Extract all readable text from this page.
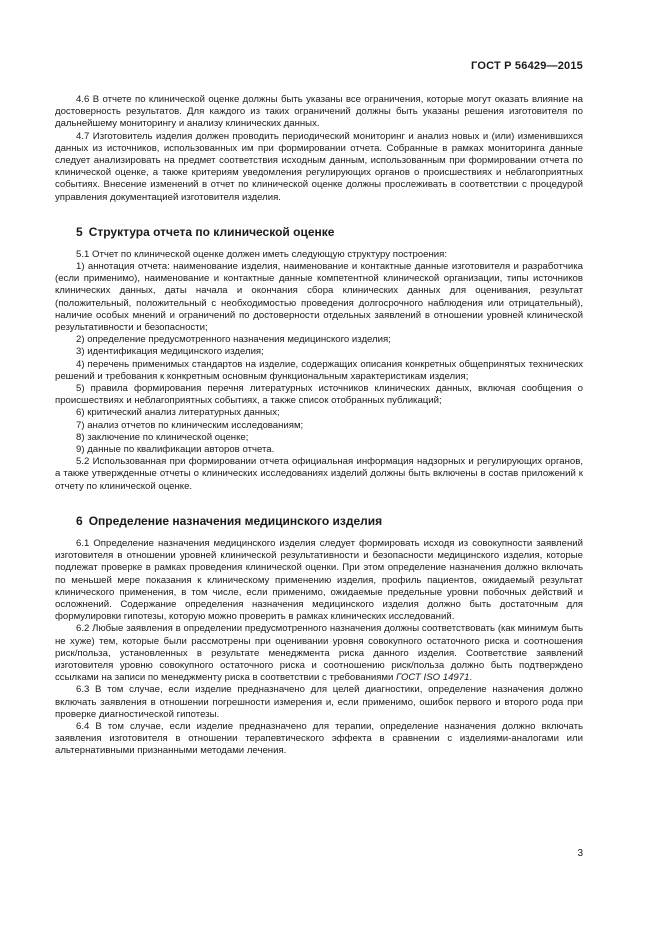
ГОСТ Р 56429—2015

4.6 В отчете по клинической оценке должны быть указаны все ограничения, которые могут оказать влияние на достоверность результатов. Для каждого из таких ограничений должны быть указаны решения изготовителя по дальнейшему мониторингу и анализу клинических данных.

4.7 Изготовитель изделия должен проводить периодический мониторинг и анализ новых и (или) изменившихся данных из источников, использованных им при формировании отчета. Собранные в рамках мониторинга данные следует анализировать на предмет соответствия исходным данным, использованным при формировании отчета по клинической оценке, а также критериям уведомления регулирующих органов о происшествиях и неблагоприятных событиях. Внесение изменений в отчет по клинической оценке должны прослеживать в соответствии с процедурой управления документацией изготовителя изделия.

5 Структура отчета по клинической оценке

5.1 Отчет по клинической оценке должен иметь следующую структуру построения:

1) аннотация отчета: наименование изделия, наименование и контактные данные изготовителя и разработчика (если применимо), наименование и контактные данные компетентной клинической организации, типы источников клинических данных, даты начала и окончания сбора клинических данных для оценивания, результат (положительный, положительный с необходимостью проведения долгосрочного наблюдения или отрицательный), наличие особых мнений и ограничений по достоверности отдельных заявлений в отношении уровней клинической результативности и безопасности;

2) определение предусмотренного назначения медицинского изделия;

3) идентификация медицинского изделия;

4) перечень применимых стандартов на изделие, содержащих описания конкретных общепринятых технических решений и требования к конкретным основным функциональным характеристикам изделия;

5) правила формирования перечня литературных источников клинических данных, включая сообщения о происшествиях и неблагоприятных событиях, а также список отобранных публикаций;

6) критический анализ литературных данных;

7) анализ отчетов по клиническим исследованиям;

8) заключение по клинической оценке;

9) данные по квалификации авторов отчета.

5.2 Использованная при формировании отчета официальная информация надзорных и регулирующих органов, а также утвержденные отчеты о клинических исследованиях изделий должны быть включены в состав приложений к отчету по клинической оценке.

6 Определение назначения медицинского изделия

6.1 Определение назначения медицинского изделия следует формировать исходя из совокупности заявлений изготовителя в отношении уровней клинической результативности и безопасности медицинского изделия, которые подлежат проверке в рамках проведения клинической оценки. При этом определение назначения должно включать по меньшей мере показания к клиническому применению изделия, профиль пациентов, ожидаемый результат клинического применения, в том числе, если применимо, ожидаемые предельные уровни побочных действий и осложнений. Содержание определения назначения медицинского изделия должно быть достаточным для формулировки гипотезы, которую можно проверить в рамках клинических исследований.

6.2 Любые заявления в определении предусмотренного назначения должны соответствовать (как минимум быть не хуже) тем, которые были рассмотрены при оценивании уровня совокупного остаточного риска и соотношения риск/польза, установленных в результате менеджмента риска данного изделия. Соответствие заявлений изготовителя уровню совокупного остаточного риска и соотношению риск/польза должно быть подтверждено ссылками на записи по менеджменту риска в соответствии с требованиями ГОСТ ISO 14971.

6.3 В том случае, если изделие предназначено для целей диагностики, определение назначения должно включать заявления в отношении погрешности измерения и, если применимо, ошибок первого и второго рода при проверке диагностической гипотезы.

6.4 В том случае, если изделие предназначено для терапии, определение назначения должно включать заявления изготовителя в отношении терапевтического эффекта в сравнении с изделиями-аналогами или альтернативными признанными методами лечения.

3
